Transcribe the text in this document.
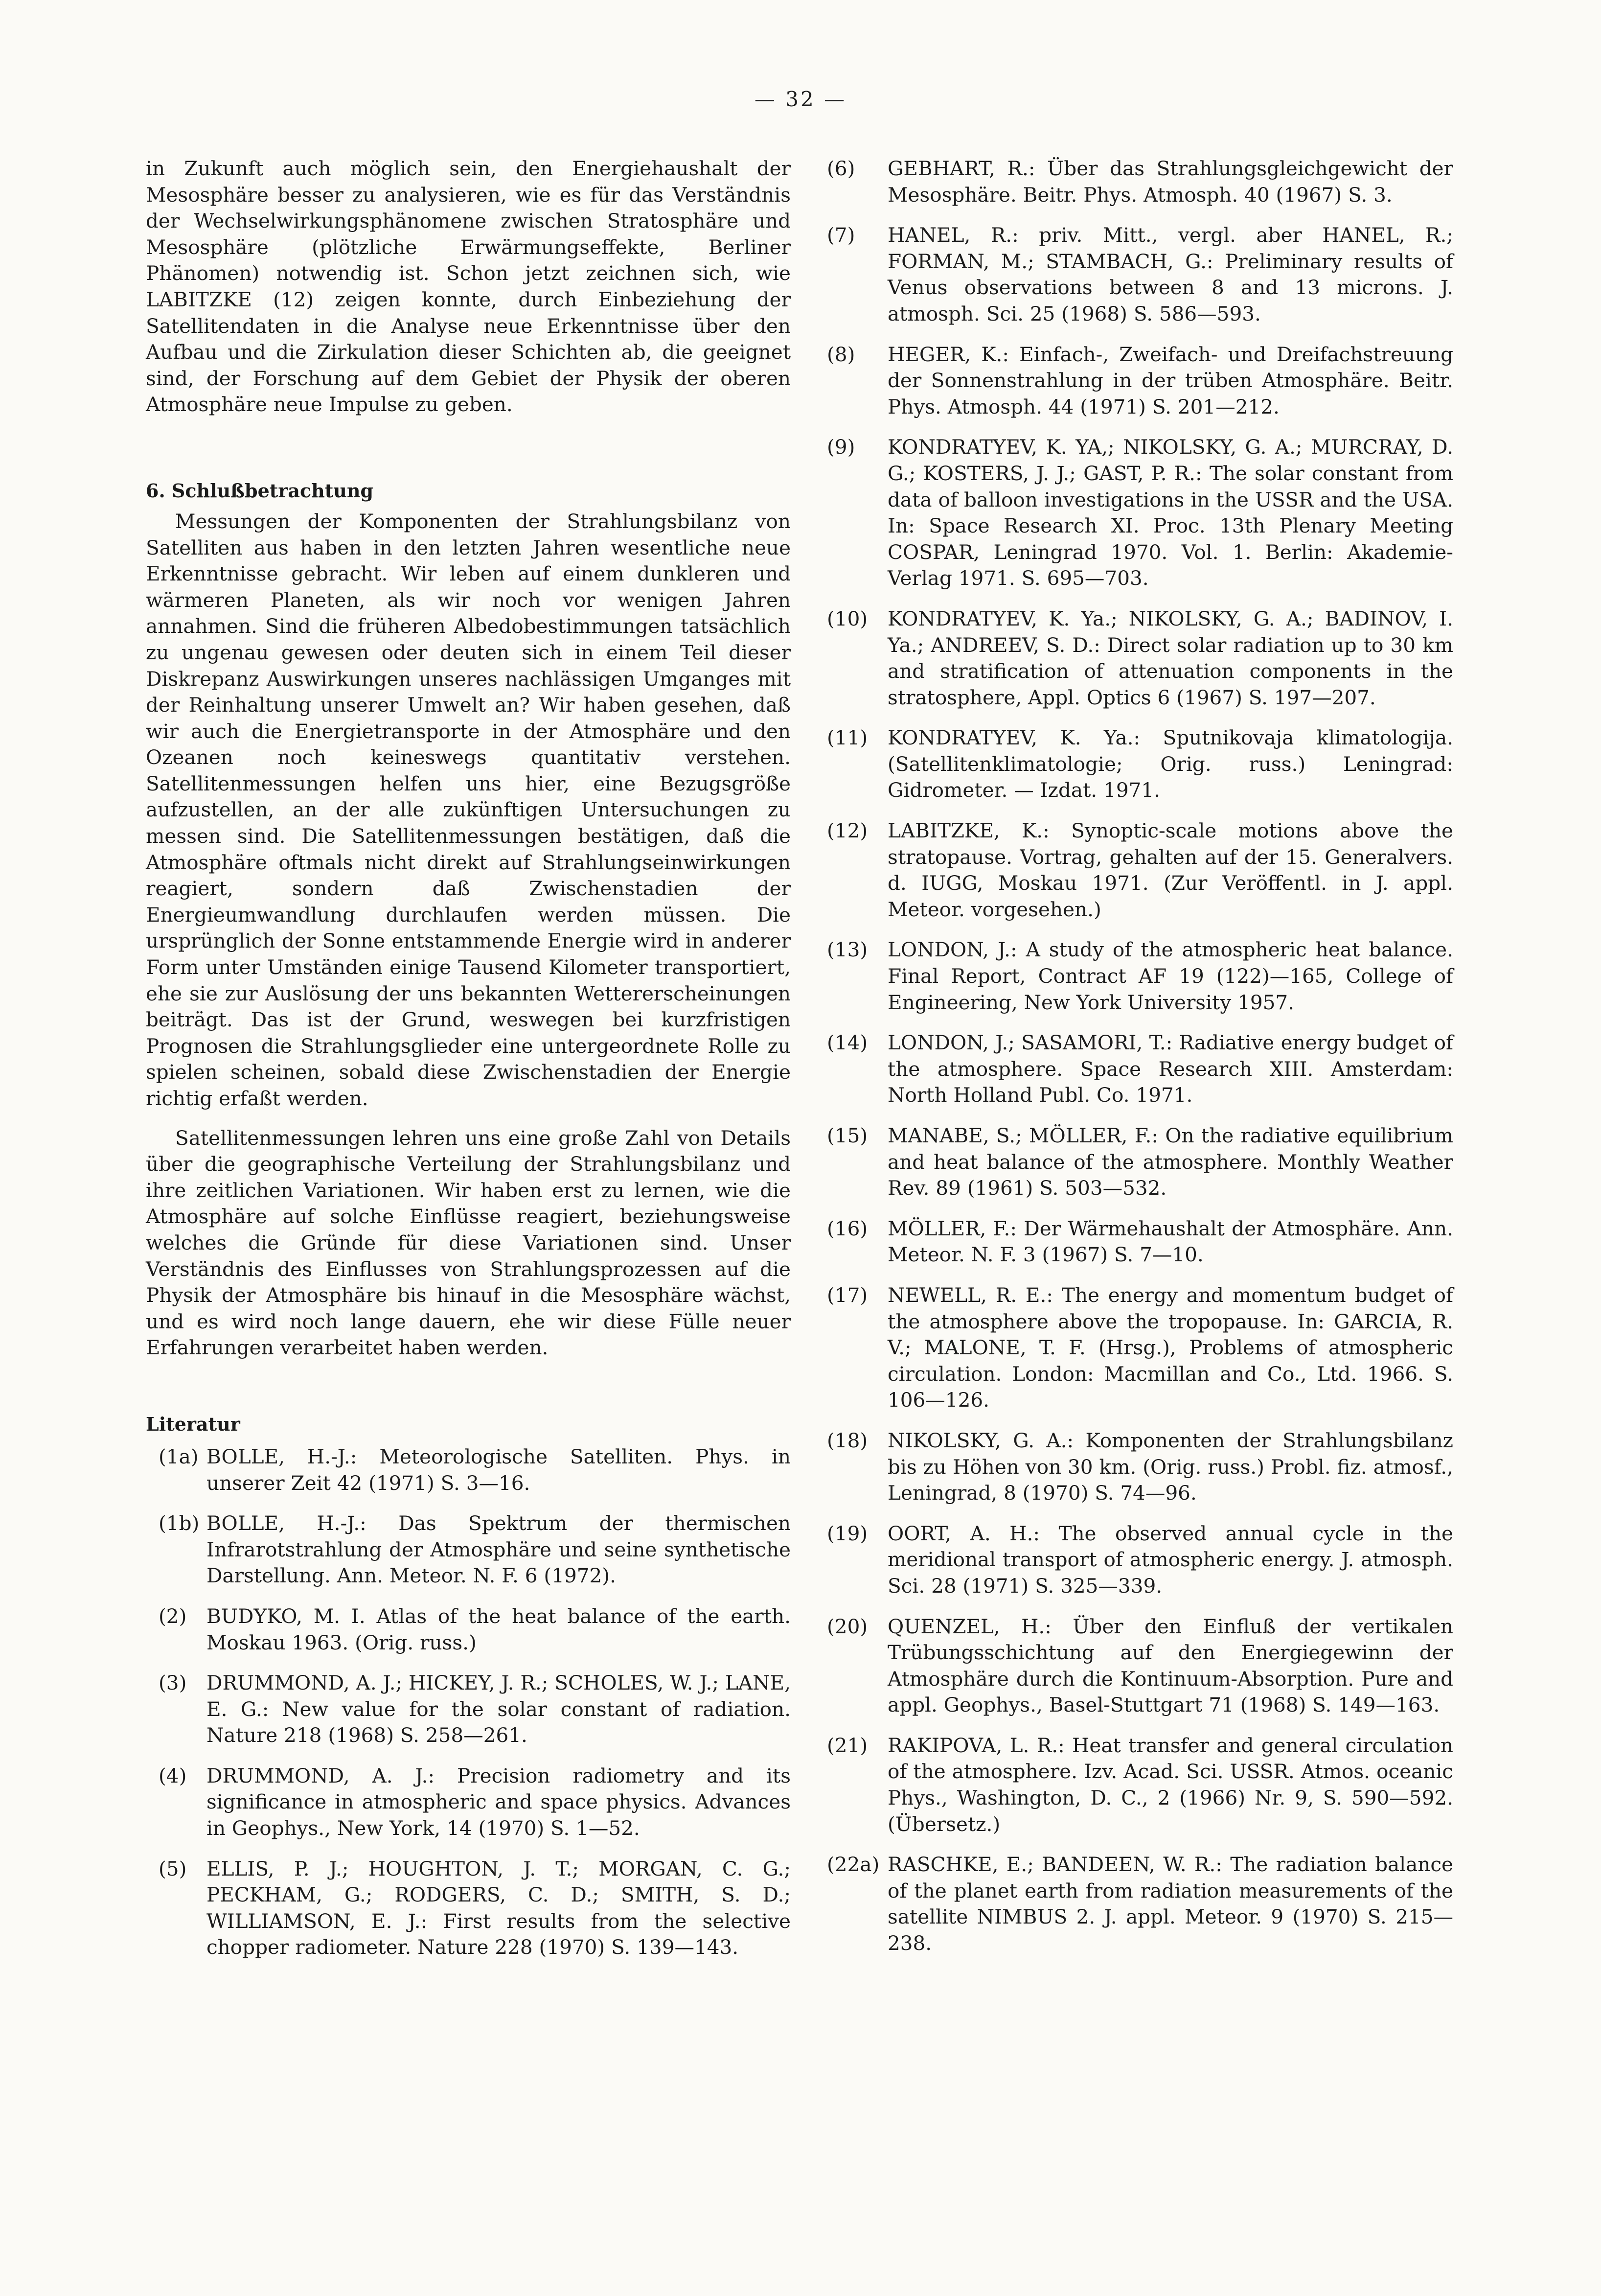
— 32 —

in Zukunft auch möglich sein, den Energiehaushalt der Mesosphäre besser zu analysieren, wie es für das Verständnis der Wechselwirkungsphänomene zwischen Stratosphäre und Mesosphäre (plötzliche Erwärmungseffekte, Berliner Phänomen) notwendig ist. Schon jetzt zeichnen sich, wie LABITZKE (12) zeigen konnte, durch Einbeziehung der Satellitendaten in die Analyse neue Erkenntnisse über den Aufbau und die Zirkulation dieser Schichten ab, die geeignet sind, der Forschung auf dem Gebiet der Physik der oberen Atmosphäre neue Impulse zu geben.

6. Schlußbetrachtung

Messungen der Komponenten der Strahlungsbilanz von Satelliten aus haben in den letzten Jahren wesentliche neue Erkenntnisse gebracht. Wir leben auf einem dunkleren und wärmeren Planeten, als wir noch vor wenigen Jahren annahmen. Sind die früheren Albedobestimmungen tatsächlich zu ungenau gewesen oder deuten sich in einem Teil dieser Diskrepanz Auswirkungen unseres nachlässigen Umganges mit der Reinhaltung unserer Umwelt an? Wir haben gesehen, daß wir auch die Energietransporte in der Atmosphäre und den Ozeanen noch keineswegs quantitativ verstehen. Satellitenmessungen helfen uns hier, eine Bezugsgröße aufzustellen, an der alle zukünftigen Untersuchungen zu messen sind. Die Satellitenmessungen bestätigen, daß die Atmosphäre oftmals nicht direkt auf Strahlungseinwirkungen reagiert, sondern daß Zwischenstadien der Energieumwandlung durchlaufen werden müssen. Die ursprünglich der Sonne entstammende Energie wird in anderer Form unter Umständen einige Tausend Kilometer transportiert, ehe sie zur Auslösung der uns bekannten Wettererscheinungen beiträgt. Das ist der Grund, weswegen bei kurzfristigen Prognosen die Strahlungsglieder eine untergeordnete Rolle zu spielen scheinen, sobald diese Zwischenstadien der Energie richtig erfaßt werden.

Satellitenmessungen lehren uns eine große Zahl von Details über die geographische Verteilung der Strahlungsbilanz und ihre zeitlichen Variationen. Wir haben erst zu lernen, wie die Atmosphäre auf solche Einflüsse reagiert, beziehungsweise welches die Gründe für diese Variationen sind. Unser Verständnis des Einflusses von Strahlungsprozessen auf die Physik der Atmosphäre bis hinauf in die Mesosphäre wächst, und es wird noch lange dauern, ehe wir diese Fülle neuer Erfahrungen verarbeitet haben werden.

Literatur

(1a) BOLLE, H.-J.: Meteorologische Satelliten. Phys. in unserer Zeit 42 (1971) S. 3—16.
(1b) BOLLE, H.-J.: Das Spektrum der thermischen Infrarotstrahlung der Atmosphäre und seine synthetische Darstellung. Ann. Meteor. N. F. 6 (1972).
(2)	BUDYKO, M. I. Atlas of the heat balance of the earth. Moskau 1963. (Orig. russ.)
(3)	DRUMMOND, A. J.; HICKEY, J. R.; SCHOLES, W. J.; LANE, E. G.: New value for the solar constant of radiation. Nature 218 (1968) S. 258—261.
(4)	DRUMMOND, A. J.: Precision radiometry and its significance in atmospheric and space physics. Advances in Geophys., New York, 14 (1970) S. 1—52.
(5)	ELLIS, P. J.; HOUGHTON, J. T.; MORGAN, C. G.; PECKHAM, G.; RODGERS, C. D.; SMITH, S. D.; WILLIAMSON, E. J.: First results from the selective chopper radiometer. Nature 228 (1970) S. 139—143.
(6)	GEBHART, R.: Über das Strahlungsgleichgewicht der Mesosphäre. Beitr. Phys. Atmosph. 40 (1967) S. 3.
(7)	HANEL, R.: priv. Mitt., vergl. aber HANEL, R.; FORMAN, M.; STAMBACH, G.: Preliminary results of Venus observations between 8 and 13 microns. J. atmosph. Sci. 25 (1968) S. 586—593.
(8)	HEGER, K.: Einfach-, Zweifach- und Dreifachstreuung der Sonnenstrahlung in der trüben Atmosphäre. Beitr. Phys. Atmosph. 44 (1971) S. 201—212.
(9)	KONDRATYEV, K. YA,; NIKOLSKY, G. A.; MURCRAY, D. G.; KOSTERS, J. J.; GAST, P. R.: The solar constant from data of balloon investigations in the USSR and the USA. In: Space Research XI. Proc. 13th Plenary Meeting COSPAR, Leningrad 1970. Vol. 1. Berlin: Akademie-Verlag 1971. S. 695—703.
(10)	KONDRATYEV, K. Ya.; NIKOLSKY, G. A.; BADINOV, I. Ya.; ANDREEV, S. D.: Direct solar radiation up to 30 km and stratification of attenuation components in the stratosphere, Appl. Optics 6 (1967) S. 197—207.
(11)	KONDRATYEV, K. Ya.: Sputnikovaja klimatologija. (Satellitenklimatologie; Orig. russ.) Leningrad: Gidrometer. — Izdat. 1971.
(12)	LABITZKE, K.: Synoptic-scale motions above the stratopause. Vortrag, gehalten auf der 15. Generalvers. d. IUGG, Moskau 1971. (Zur Veröffentl. in J. appl. Meteor. vorgesehen.)
(13)	LONDON, J.: A study of the atmospheric heat balance. Final Report, Contract AF 19 (122)—165, College of Engineering, New York University 1957.
(14)	LONDON, J.; SASAMORI, T.: Radiative energy budget of the atmosphere. Space Research XIII. Amsterdam: North Holland Publ. Co. 1971.
(15)	MANABE, S.; MÖLLER, F.: On the radiative equilibrium and heat balance of the atmosphere. Monthly Weather Rev. 89 (1961) S. 503—532.
(16)	MÖLLER, F.: Der Wärmehaushalt der Atmosphäre. Ann. Meteor. N. F. 3 (1967) S. 7—10.
(17)	NEWELL, R. E.: The energy and momentum budget of the atmosphere above the tropopause. In: GARCIA, R. V.; MALONE, T. F. (Hrsg.), Problems of atmospheric circulation. London: Macmillan and Co., Ltd. 1966. S. 106—126.
(18)	NIKOLSKY, G. A.: Komponenten der Strahlungsbilanz bis zu Höhen von 30 km. (Orig. russ.) Probl. fiz. atmosf., Leningrad, 8 (1970) S. 74—96.
(19)	OORT, A. H.: The observed annual cycle in the meridional transport of atmospheric energy. J. atmosph. Sci. 28 (1971) S. 325—339.
(20)	QUENZEL, H.: Über den Einfluß der vertikalen Trübungsschichtung auf den Energiegewinn der Atmosphäre durch die Kontinuum-Absorption. Pure and appl. Geophys., Basel-Stuttgart 71 (1968) S. 149—163.
(21)	RAKIPOVA, L. R.: Heat transfer and general circulation of the atmosphere. Izv. Acad. Sci. USSR. Atmos. oceanic Phys., Washington, D. C., 2 (1966) Nr. 9, S. 590—592. (Übersetz.)
(22a) RASCHKE, E.; BANDEEN, W. R.: The radiation balance of the planet earth from radiation measurements of the satellite NIMBUS 2. J. appl. Meteor. 9 (1970) S. 215—238.
